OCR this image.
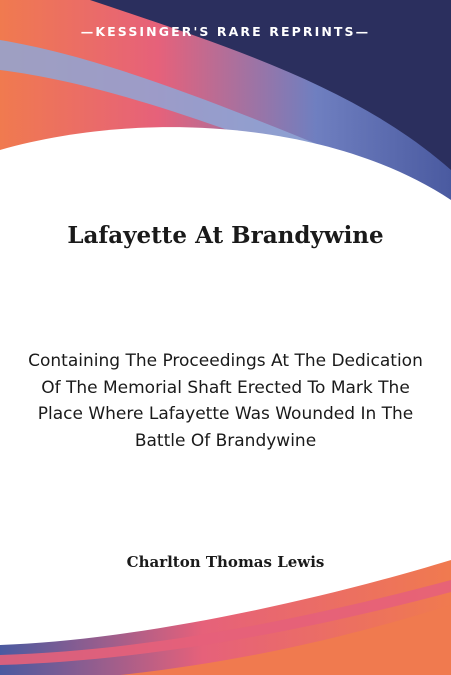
—KESSINGER'S RARE REPRINTS—
Lafayette At Brandywine
Containing The Proceedings At The Dedication Of The Memorial Shaft Erected To Mark The Place Where Lafayette Was Wounded In The Battle Of Brandywine
Charlton Thomas Lewis
